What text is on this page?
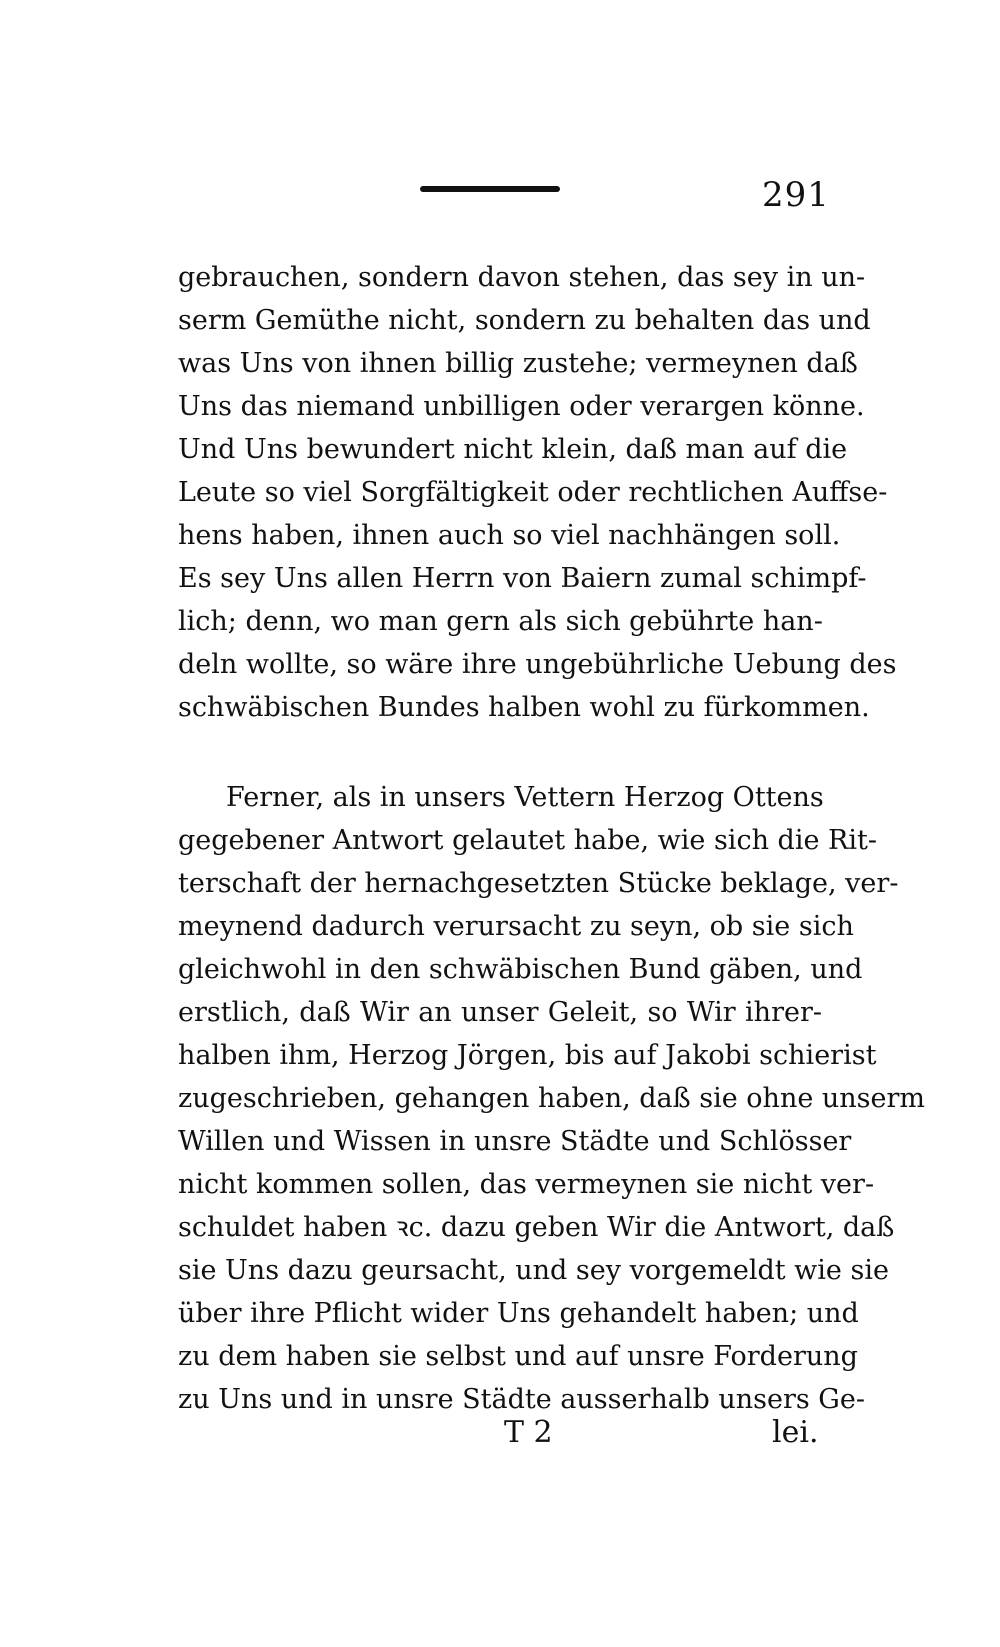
291
gebrauchen, sondern davon stehen, das sey in un-
serm Gemüthe nicht, sondern zu behalten das und
was Uns von ihnen billig zustehe; vermeynen daß
Uns das niemand unbilligen oder verargen könne.
Und Uns bewundert nicht klein, daß man auf die
Leute so viel Sorgfältigkeit oder rechtlichen Auffse-
hens haben, ihnen auch so viel nachhängen soll.
Es sey Uns allen Herrn von Baiern zumal schimpf-
lich; denn, wo man gern als sich gebührte han-
deln wollte, so wäre ihre ungebührliche Uebung des
schwäbischen Bundes halben wohl zu fürkommen.
Ferner, als in unsers Vettern Herzog Ottens
gegebener Antwort gelautet habe, wie sich die Rit-
terschaft der hernachgesetzten Stücke beklage, ver-
meynend dadurch verursacht zu seyn, ob sie sich
gleichwohl in den schwäbischen Bund gäben, und
erstlich, daß Wir an unser Geleit, so Wir ihrer-
halben ihm, Herzog Jörgen, bis auf Jakobi schierist
zugeschrieben, gehangen haben, daß sie ohne unserm
Willen und Wissen in unsre Städte und Schlösser
nicht kommen sollen, das vermeynen sie nicht ver-
schuldet haben ꝛc. dazu geben Wir die Antwort, daß
sie Uns dazu geursacht, und sey vorgemeldt wie sie
über ihre Pflicht wider Uns gehandelt haben; und
zu dem haben sie selbst und auf unsre Forderung
zu Uns und in unsre Städte ausserhalb unsers Ge-
T 2	lei.
